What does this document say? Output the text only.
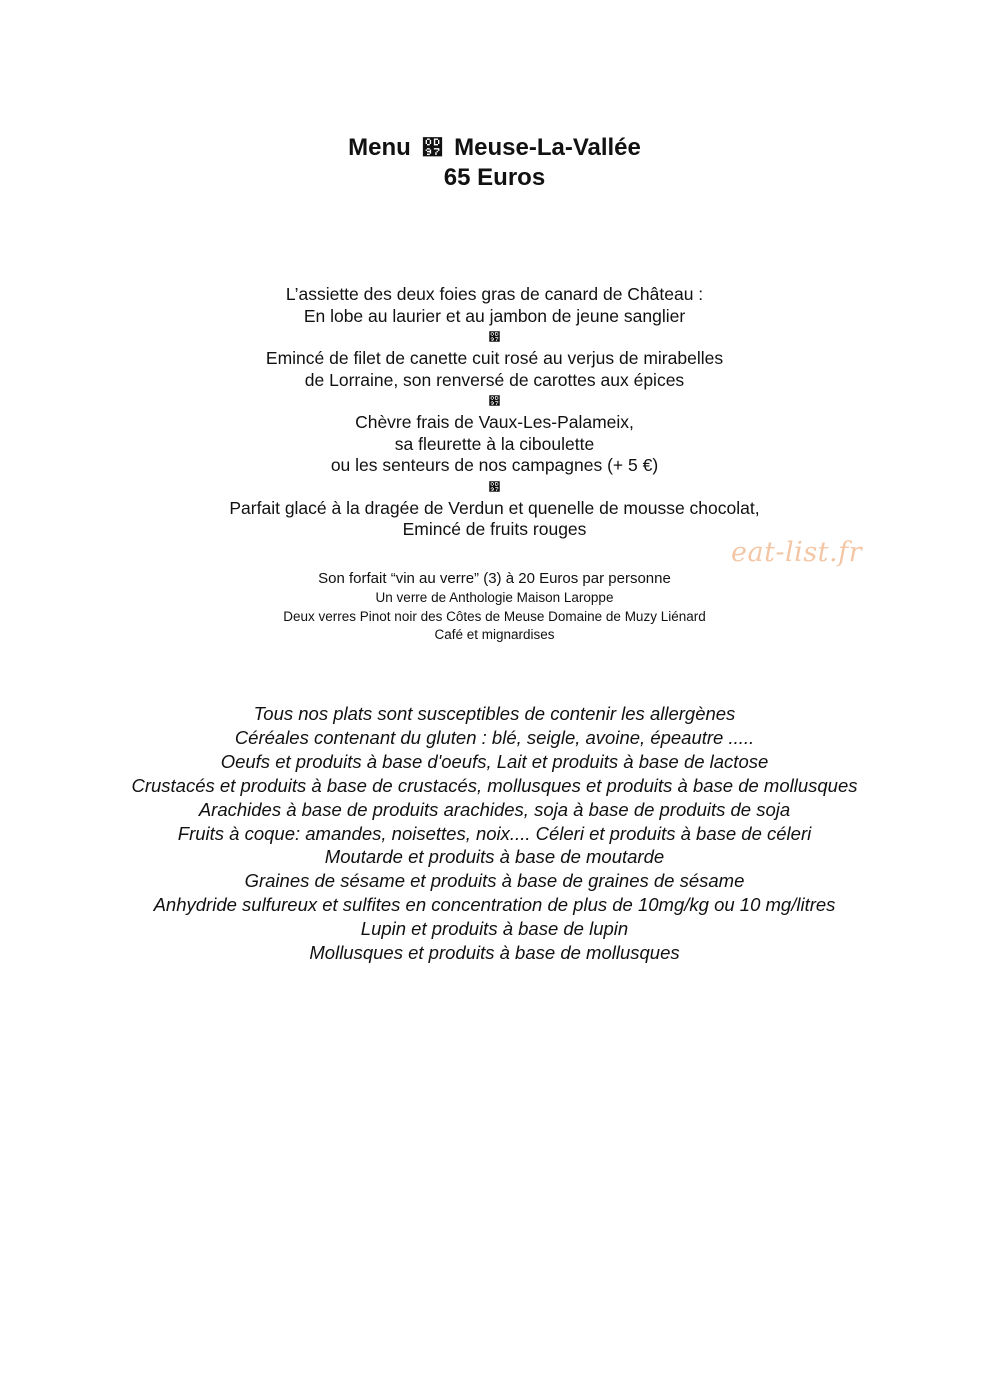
Menu ඗ Meuse-La-Vallée
65 Euros
L’assiette des deux foies gras de canard de Château :
En lobe au laurier et au jambon de jeune sanglier
඗
Emincé de filet de canette cuit rosé au verjus de mirabelles
de Lorraine, son renversé de carottes aux épices
඗
Chèvre frais de Vaux-Les-Palameix,
sa fleurette à la ciboulette
ou les senteurs de nos campagnes (+ 5 €)
඗
Parfait glacé à la dragée de Verdun et quenelle de mousse chocolat,
Emincé de fruits rouges
eat-list.fr
Son forfait “vin au verre” (3) à 20 Euros par personne
Un verre de Anthologie Maison Laroppe
Deux verres Pinot noir des Côtes de Meuse Domaine de Muzy Liénard
Café et mignardises
Tous nos plats sont susceptibles de contenir les allergènes
Céréales contenant du gluten : blé, seigle, avoine, épeautre .....
Oeufs et produits à base d'oeufs, Lait et produits à base de lactose
Crustacés et produits à base de crustacés, mollusques et produits à base de mollusques
Arachides à base de produits arachides, soja à base de produits de soja
Fruits à coque: amandes, noisettes, noix.... Céleri et produits à base de céleri
Moutarde et produits à base de moutarde
Graines de sésame et produits à base de graines de sésame
Anhydride sulfureux et sulfites en concentration de plus de 10mg/kg ou 10 mg/litres
Lupin et produits à base de lupin
Mollusques et produits à base de mollusques
